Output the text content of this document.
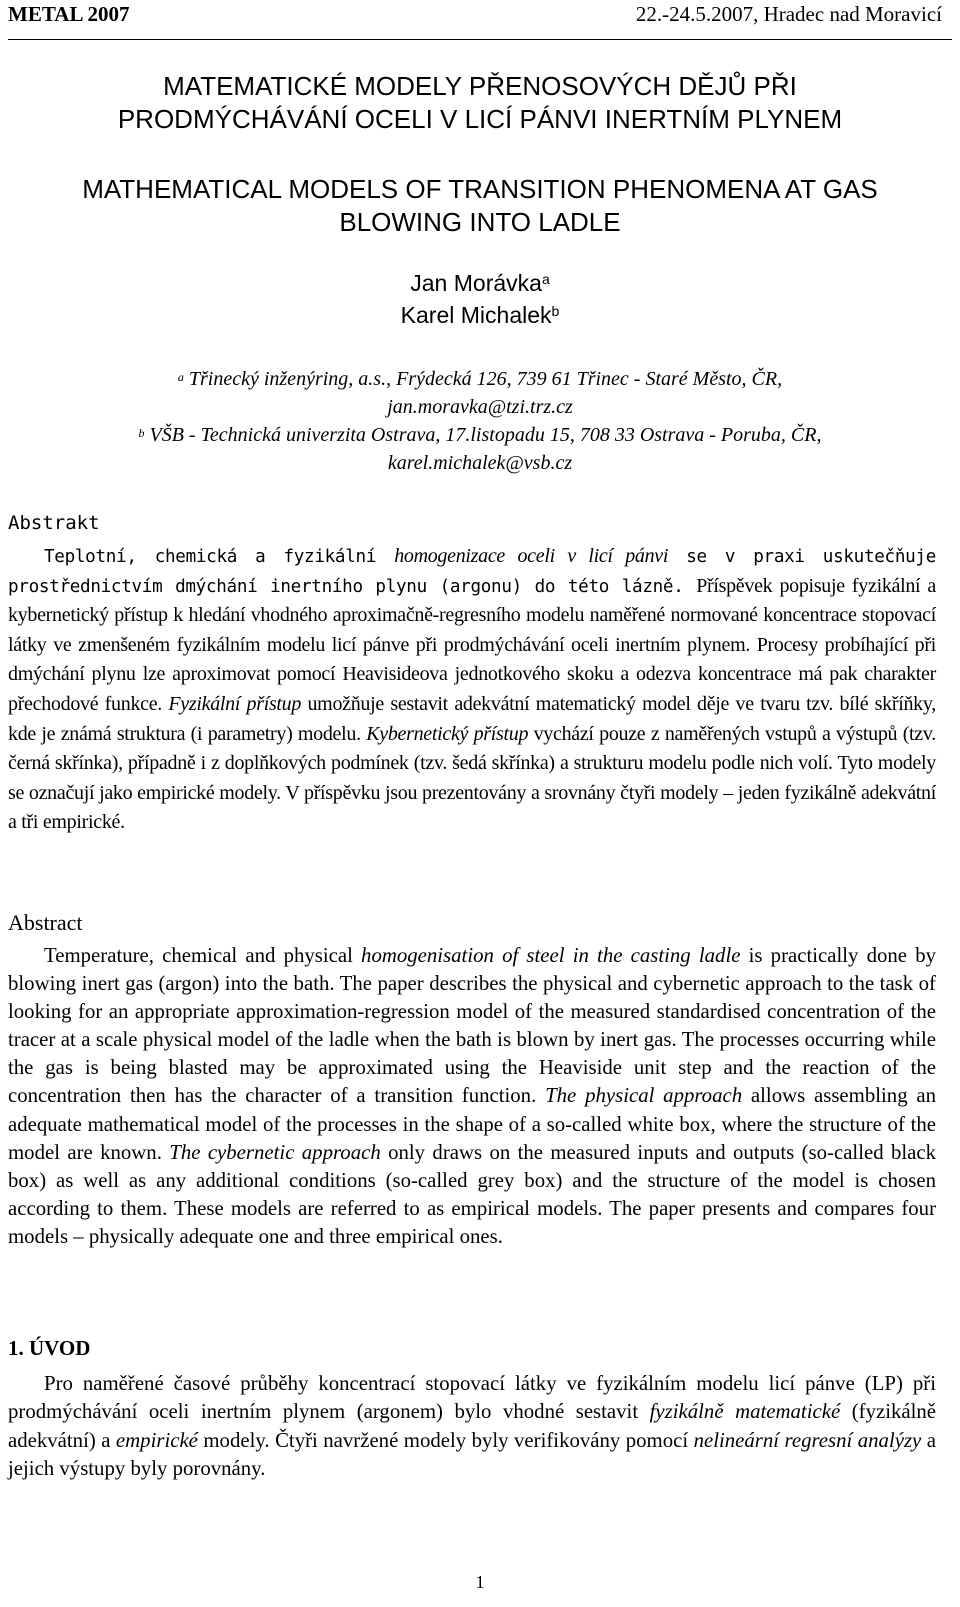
METAL 2007	22.-24.5.2007, Hradec nad Moravicí
MATEMATICKÉ MODELY PŘENOSOVÝCH DĚJŮ PŘI
PRODMÝCHÁVÁNÍ OCELI V LICÍ PÁNVI INERTNÍM PLYNEM
MATHEMATICAL MODELS OF TRANSITION PHENOMENA AT GAS
BLOWING INTO LADLE
Jan Morávka$^a$
Karel Michalek$^b$
$^a$ Třinecký inženýring, a.s., Frýdecká 126, 739 61 Třinec - Staré Město, ČR,
jan.moravka@tzi.trz.cz
$^b$ VŠB - Technická univerzita Ostrava, 17.listopadu 15, 708 33 Ostrava - Poruba, ČR,
karel.michalek@vsb.cz
Abstrakt
Teplotní, chemická a fyzikální homogenizace oceli v licí pánvi se v praxi uskutečňuje prostřednictvím dmýchání inertního plynu (argonu) do této lázně. Příspěvek popisuje fyzikální a kybernetický přístup k hledání vhodného aproximačně-regresního modelu naměřené normované koncentrace stopovací látky ve zmenšeném fyzikálním modelu licí pánve při prodmýchávání oceli inertním plynem. Procesy probíhající při dmýchání plynu lze aproximovat pomocí Heavisideova jednotkového skoku a odezva koncentrace má pak charakter přechodové funkce. Fyzikální přístup umožňuje sestavit adekvátní matematický model děje ve tvaru tzv. bílé skříňky, kde je známá struktura (i parametry) modelu. Kybernetický přístup vychází pouze z naměřených vstupů a výstupů (tzv. černá skřínka), případně i z doplňkových podmínek (tzv. šedá skřínka) a strukturu modelu podle nich volí. Tyto modely se označují jako empirické modely. V příspěvku jsou prezentovány a srovnány čtyři modely – jeden fyzikálně adekvátní a tři empirické.
Abstract
Temperature, chemical and physical homogenisation of steel in the casting ladle is practically done by blowing inert gas (argon) into the bath. The paper describes the physical and cybernetic approach to the task of looking for an appropriate approximation-regression model of the measured standardised concentration of the tracer at a scale physical model of the ladle when the bath is blown by inert gas. The processes occurring while the gas is being blasted may be approximated using the Heaviside unit step and the reaction of the concentration then has the character of a transition function. The physical approach allows assembling an adequate mathematical model of the processes in the shape of a so-called white box, where the structure of the model are known. The cybernetic approach only draws on the measured inputs and outputs (so-called black box) as well as any additional conditions (so-called grey box) and the structure of the model is chosen according to them. These models are referred to as empirical models. The paper presents and compares four models – physically adequate one and three empirical ones.
1. ÚVOD
Pro naměřené časové průběhy koncentrací stopovací látky ve fyzikálním modelu licí pánve (LP) při prodmýchávání oceli inertním plynem (argonem) bylo vhodné sestavit fyzikálně matematické (fyzikálně adekvátní) a empirické modely. Čtyři navržené modely byly verifikovány pomocí nelineární regresní analýzy a jejich výstupy byly porovnány.
1
